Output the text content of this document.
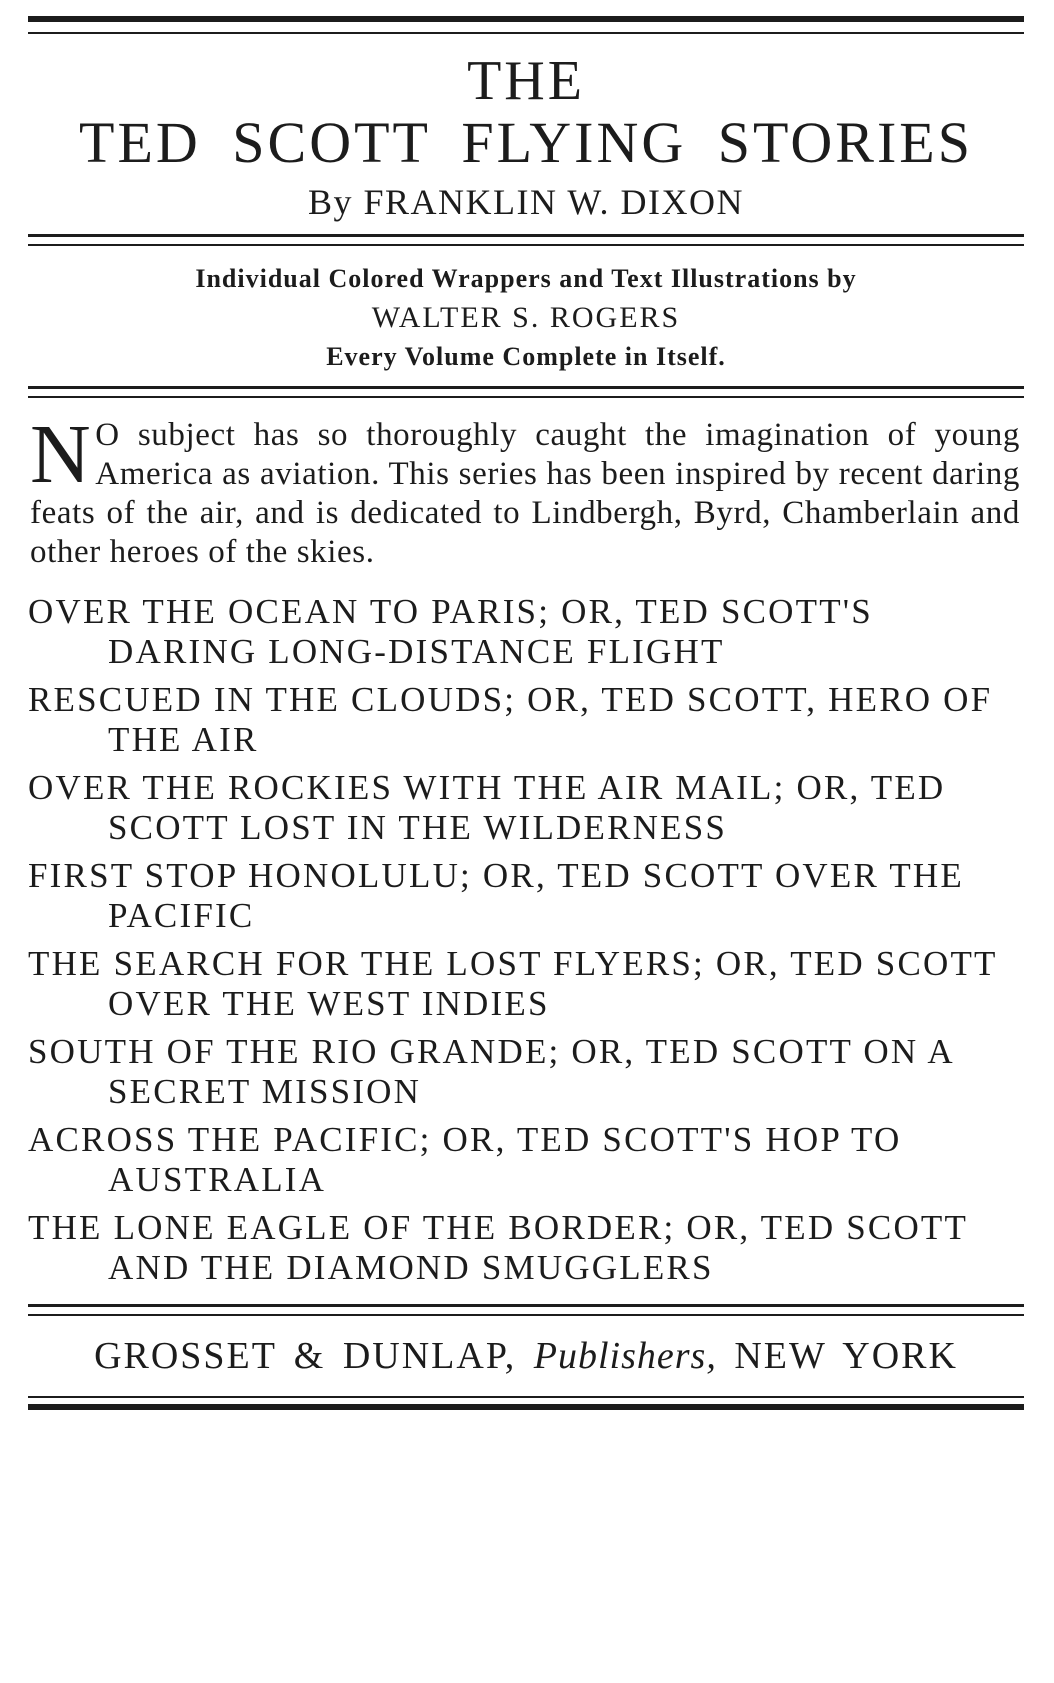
THE
TED SCOTT FLYING STORIES
By FRANKLIN W. DIXON
Individual Colored Wrappers and Text Illustrations by
WALTER S. ROGERS
Every Volume Complete in Itself.
N O subject has so thoroughly caught the imagination of young America as aviation. This series has been inspired by recent daring feats of the air, and is dedicated to Lindbergh, Byrd, Chamberlain and other heroes of the skies.
OVER THE OCEAN TO PARIS; OR, TED SCOTT'S DARING LONG-DISTANCE FLIGHT
RESCUED IN THE CLOUDS; OR, TED SCOTT, HERO OF THE AIR
OVER THE ROCKIES WITH THE AIR MAIL; OR, TED SCOTT LOST IN THE WILDERNESS
FIRST STOP HONOLULU; OR, TED SCOTT OVER THE PACIFIC
THE SEARCH FOR THE LOST FLYERS; OR, TED SCOTT OVER THE WEST INDIES
SOUTH OF THE RIO GRANDE; OR, TED SCOTT ON A SECRET MISSION
ACROSS THE PACIFIC; OR, TED SCOTT'S HOP TO AUSTRALIA
THE LONE EAGLE OF THE BORDER; OR, TED SCOTT AND THE DIAMOND SMUGGLERS
GROSSET & DUNLAP, Publishers, NEW YORK
